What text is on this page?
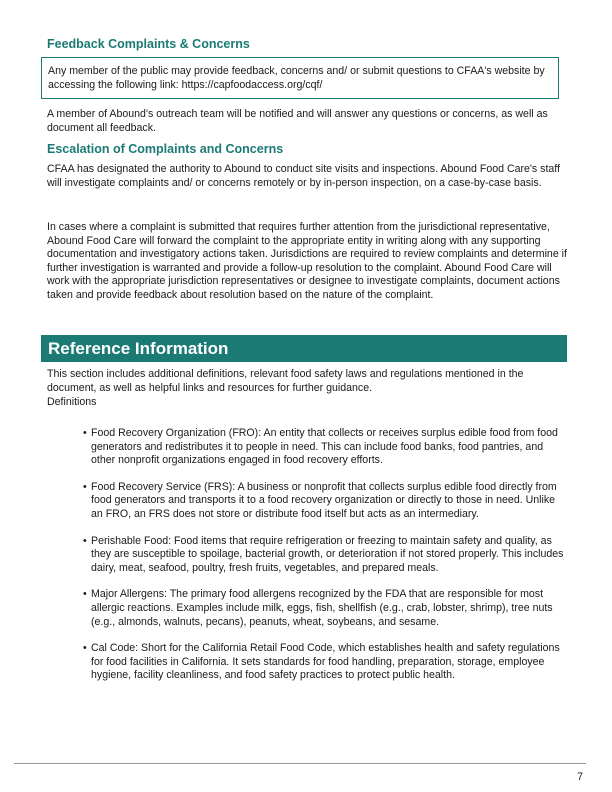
Feedback Complaints & Concerns
Any member of the public may provide feedback, concerns and/ or submit questions to CFAA's website by accessing the following link: https://capfoodaccess.org/cqf/
A member of Abound's outreach team will be notified and will answer any questions or concerns, as well as document all feedback.
Escalation of Complaints and Concerns
CFAA has designated the authority to Abound to conduct site visits and inspections. Abound Food Care's staff will investigate complaints and/ or concerns remotely or by in-person inspection, on a case-by-case basis.
In cases where a complaint is submitted that requires further attention from the jurisdictional representative, Abound Food Care will forward the complaint to the appropriate entity in writing along with any supporting documentation and investigatory actions taken. Jurisdictions are required to review complaints and determine if further investigation is warranted and provide a follow-up resolution to the complaint. Abound Food Care will work with the appropriate jurisdiction representatives or designee to investigate complaints, document actions taken and provide feedback about resolution based on the nature of the complaint.
Reference Information
This section includes additional definitions, relevant food safety laws and regulations mentioned in the document, as well as helpful links and resources for further guidance.
Definitions
• Food Recovery Organization (FRO): An entity that collects or receives surplus edible food from food generators and redistributes it to people in need. This can include food banks, food pantries, and other nonprofit organizations engaged in food recovery efforts.
• Food Recovery Service (FRS): A business or nonprofit that collects surplus edible food directly from food generators and transports it to a food recovery organization or directly to those in need. Unlike an FRO, an FRS does not store or distribute food itself but acts as an intermediary.
• Perishable Food: Food items that require refrigeration or freezing to maintain safety and quality, as they are susceptible to spoilage, bacterial growth, or deterioration if not stored properly. This includes dairy, meat, seafood, poultry, fresh fruits, vegetables, and prepared meals.
• Major Allergens: The primary food allergens recognized by the FDA that are responsible for most allergic reactions. Examples include milk, eggs, fish, shellfish (e.g., crab, lobster, shrimp), tree nuts (e.g., almonds, walnuts, pecans), peanuts, wheat, soybeans, and sesame.
• Cal Code: Short for the California Retail Food Code, which establishes health and safety regulations for food facilities in California. It sets standards for food handling, preparation, storage, employee hygiene, facility cleanliness, and food safety practices to protect public health.
7
